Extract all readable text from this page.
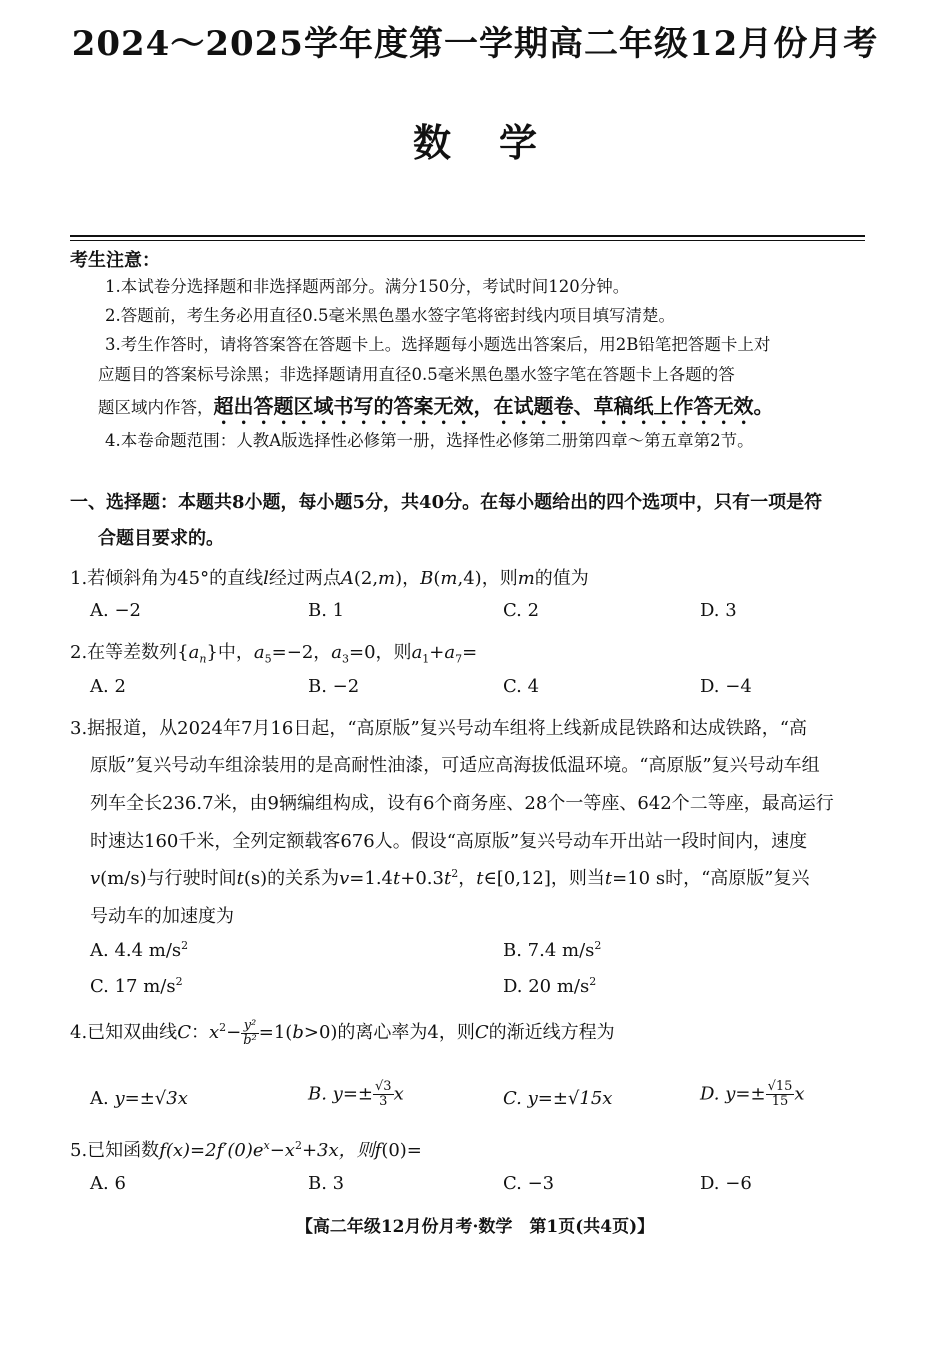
2024～2025学年度第一学期高二年级12月份月考
数学
考生注意：
1.本试卷分选择题和非选择题两部分。满分150分，考试时间120分钟。
2.答题前，考生务必用直径0.5毫米黑色墨水签字笔将密封线内项目填写清楚。
3.考生作答时，请将答案答在答题卡上。选择题每小题选出答案后，用2B铅笔把答题卡上对
应题目的答案标号涂黑；非选择题请用直径0.5毫米黑色墨水签字笔在答题卡上各题的答
题区域内作答，超出答题区域书写的答案无效，在试题卷、草稿纸上作答无效。
4.本卷命题范围：人教A版选择性必修第一册，选择性必修第二册第四章～第五章第2节。
一、选择题：本题共8小题，每小题5分，共40分。在每小题给出的四个选项中，只有一项是符
合题目要求的。
1.若倾斜角为45°的直线l经过两点A(2,m)，B(m,4)，则m的值为
A. −2	B. 1	C. 2	D. 3
2.在等差数列$\{a_n\}$中，$a_5=-2$，$a_3=0$，则$a_1+a_7=$
A. 2	B. −2	C. 4	D. −4
3.据报道，从2024年7月16日起，“高原版”复兴号动车组将上线新成昆铁路和达成铁路，“高
原版”复兴号动车组涂装用的是高耐性油漆，可适应高海拔低温环境。“高原版”复兴号动车组
列车全长236.7米，由9辆编组构成，设有6个商务座、28个一等座、642个二等座，最高运行
时速达160千米，全列定额载客676人。假设“高原版”复兴号动车开出站一段时间内，速度
v(m/s)与行驶时间t(s)的关系为$v=1.4t+0.3t^2$，t∈[0,12]，则当t=10 s时，“高原版”复兴
号动车的加速度为
A. 4.4 $m/s^2$	B. 7.4 $m/s^2$
C. 17 $m/s^2$	D. 20 $m/s^2$
4.已知双曲线C：$x^2- \frac{\text{y²}}{\text{b²}} =1(b>0)$的离心率为4，则C的渐近线方程为
A. y=±√3x	B. $y=\pm \frac{√3}{3}$ x	C. y=±√15x	D. $y=\pm \frac{√15}{15}$ x
5.已知函数$f(x)=2f'(0)e^x-x^2+3x$，则f(0)=
A. 6	B. 3	C. −3	D. −6
【高二年级12月份月考·数学　第1页(共4页)】
